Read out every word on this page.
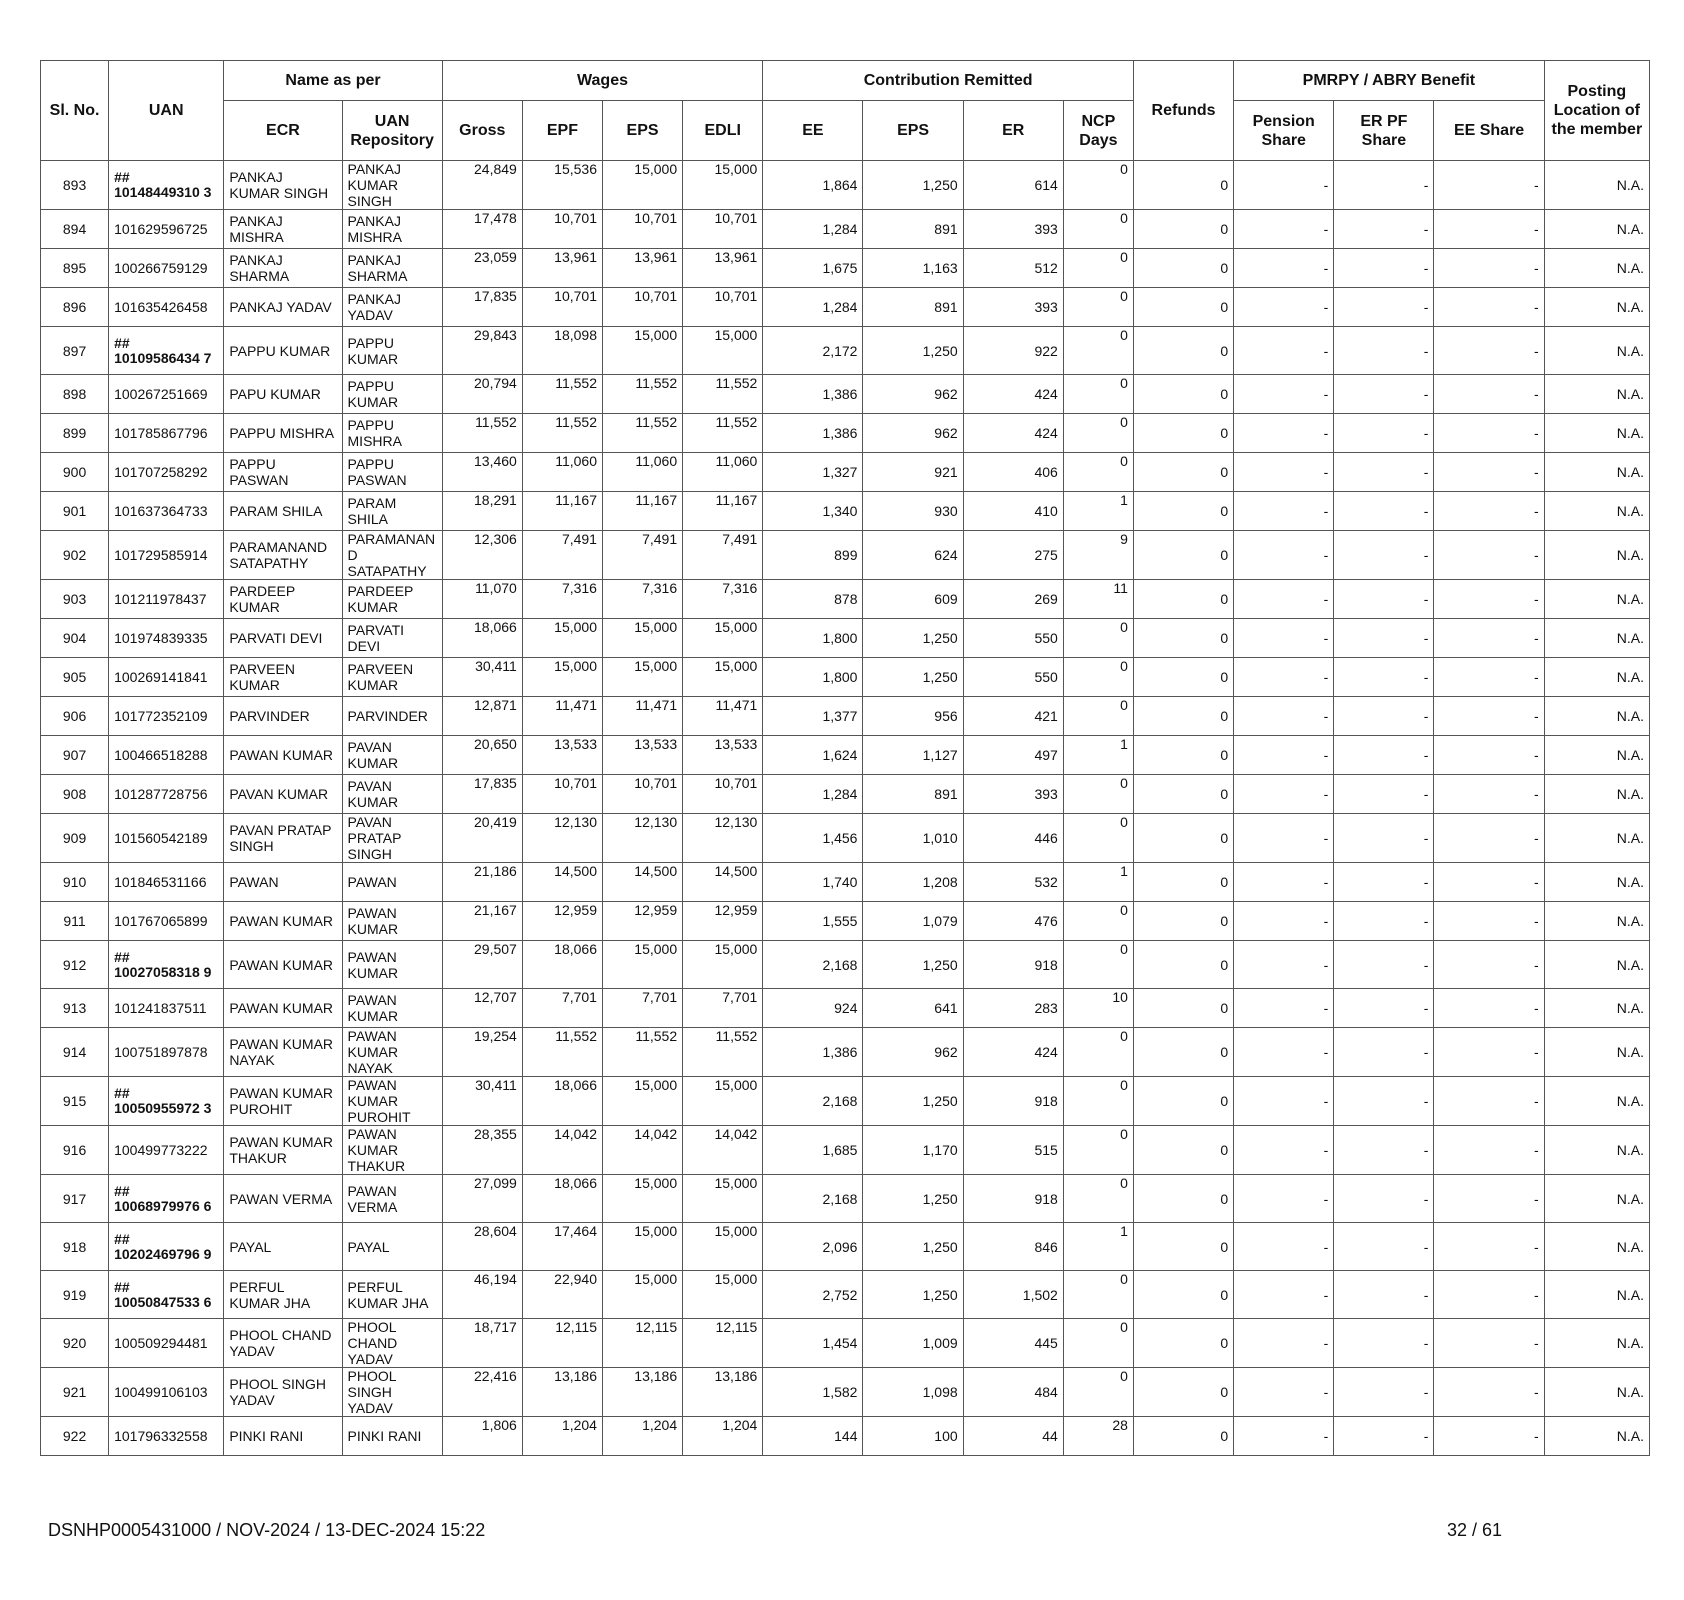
Sl. No.	UAN	Name as per		Wages				Contribution Remitted				Refunds	PMRPY / ABRY Benefit			Posting Location of the member
		ECR	UAN Repository	Gross	EPF	EPS	EDLI	EE	EPS	ER	NCP Days		Pension Share	ER PF Share	EE Share	
893	## 10148449310 3	PANKAJ KUMAR SINGH	PANKAJ KUMAR SINGH	24,849	15,536	15,000	15,000	1,864	1,250	614	0	0	-	-	-	N.A.
894	101629596725	PANKAJ MISHRA	PANKAJ MISHRA	17,478	10,701	10,701	10,701	1,284	891	393	0	0	-	-	-	N.A.
895	100266759129	PANKAJ SHARMA	PANKAJ SHARMA	23,059	13,961	13,961	13,961	1,675	1,163	512	0	0	-	-	-	N.A.
896	101635426458	PANKAJ YADAV	PANKAJ YADAV	17,835	10,701	10,701	10,701	1,284	891	393	0	0	-	-	-	N.A.
897	## 10109586434 7	PAPPU KUMAR	PAPPU KUMAR	29,843	18,098	15,000	15,000	2,172	1,250	922	0	0	-	-	-	N.A.
898	100267251669	PAPU KUMAR	PAPPU KUMAR	20,794	11,552	11,552	11,552	1,386	962	424	0	0	-	-	-	N.A.
899	101785867796	PAPPU MISHRA	PAPPU MISHRA	11,552	11,552	11,552	11,552	1,386	962	424	0	0	-	-	-	N.A.
900	101707258292	PAPPU PASWAN	PAPPU PASWAN	13,460	11,060	11,060	11,060	1,327	921	406	0	0	-	-	-	N.A.
901	101637364733	PARAM SHILA	PARAM SHILA	18,291	11,167	11,167	11,167	1,340	930	410	1	0	-	-	-	N.A.
902	101729585914	PARAMANAND SATAPATHY	PARAMANAN D SATAPATHY	12,306	7,491	7,491	7,491	899	624	275	9	0	-	-	-	N.A.
903	101211978437	PARDEEP KUMAR	PARDEEP KUMAR	11,070	7,316	7,316	7,316	878	609	269	11	0	-	-	-	N.A.
904	101974839335	PARVATI DEVI	PARVATI DEVI	18,066	15,000	15,000	15,000	1,800	1,250	550	0	0	-	-	-	N.A.
905	100269141841	PARVEEN KUMAR	PARVEEN KUMAR	30,411	15,000	15,000	15,000	1,800	1,250	550	0	0	-	-	-	N.A.
906	101772352109	PARVINDER	PARVINDER	12,871	11,471	11,471	11,471	1,377	956	421	0	0	-	-	-	N.A.
907	100466518288	PAWAN KUMAR	PAVAN KUMAR	20,650	13,533	13,533	13,533	1,624	1,127	497	1	0	-	-	-	N.A.
908	101287728756	PAVAN KUMAR	PAVAN KUMAR	17,835	10,701	10,701	10,701	1,284	891	393	0	0	-	-	-	N.A.
909	101560542189	PAVAN PRATAP SINGH	PAVAN PRATAP SINGH	20,419	12,130	12,130	12,130	1,456	1,010	446	0	0	-	-	-	N.A.
910	101846531166	PAWAN	PAWAN	21,186	14,500	14,500	14,500	1,740	1,208	532	1	0	-	-	-	N.A.
911	101767065899	PAWAN KUMAR	PAWAN KUMAR	21,167	12,959	12,959	12,959	1,555	1,079	476	0	0	-	-	-	N.A.
912	## 10027058318 9	PAWAN KUMAR	PAWAN KUMAR	29,507	18,066	15,000	15,000	2,168	1,250	918	0	0	-	-	-	N.A.
913	101241837511	PAWAN KUMAR	PAWAN KUMAR	12,707	7,701	7,701	7,701	924	641	283	10	0	-	-	-	N.A.
914	100751897878	PAWAN KUMAR NAYAK	PAWAN KUMAR NAYAK	19,254	11,552	11,552	11,552	1,386	962	424	0	0	-	-	-	N.A.
915	## 10050955972 3	PAWAN KUMAR PUROHIT	PAWAN KUMAR PUROHIT	30,411	18,066	15,000	15,000	2,168	1,250	918	0	0	-	-	-	N.A.
916	100499773222	PAWAN KUMAR THAKUR	PAWAN KUMAR THAKUR	28,355	14,042	14,042	14,042	1,685	1,170	515	0	0	-	-	-	N.A.
917	## 10068979976 6	PAWAN VERMA	PAWAN VERMA	27,099	18,066	15,000	15,000	2,168	1,250	918	0	0	-	-	-	N.A.
918	## 10202469796 9	PAYAL	PAYAL	28,604	17,464	15,000	15,000	2,096	1,250	846	1	0	-	-	-	N.A.
919	## 10050847533 6	PERFUL KUMAR JHA	PERFUL KUMAR JHA	46,194	22,940	15,000	15,000	2,752	1,250	1,502	0	0	-	-	-	N.A.
920	100509294481	PHOOL CHAND YADAV	PHOOL CHAND YADAV	18,717	12,115	12,115	12,115	1,454	1,009	445	0	0	-	-	-	N.A.
921	100499106103	PHOOL SINGH YADAV	PHOOL SINGH YADAV	22,416	13,186	13,186	13,186	1,582	1,098	484	0	0	-	-	-	N.A.
922	101796332558	PINKI RANI	PINKI RANI	1,806	1,204	1,204	1,204	144	100	44	28	0	-	-	-	N.A.
DSNHP0005431000 / NOV-2024 / 13-DEC-2024 15:22	32 / 61
